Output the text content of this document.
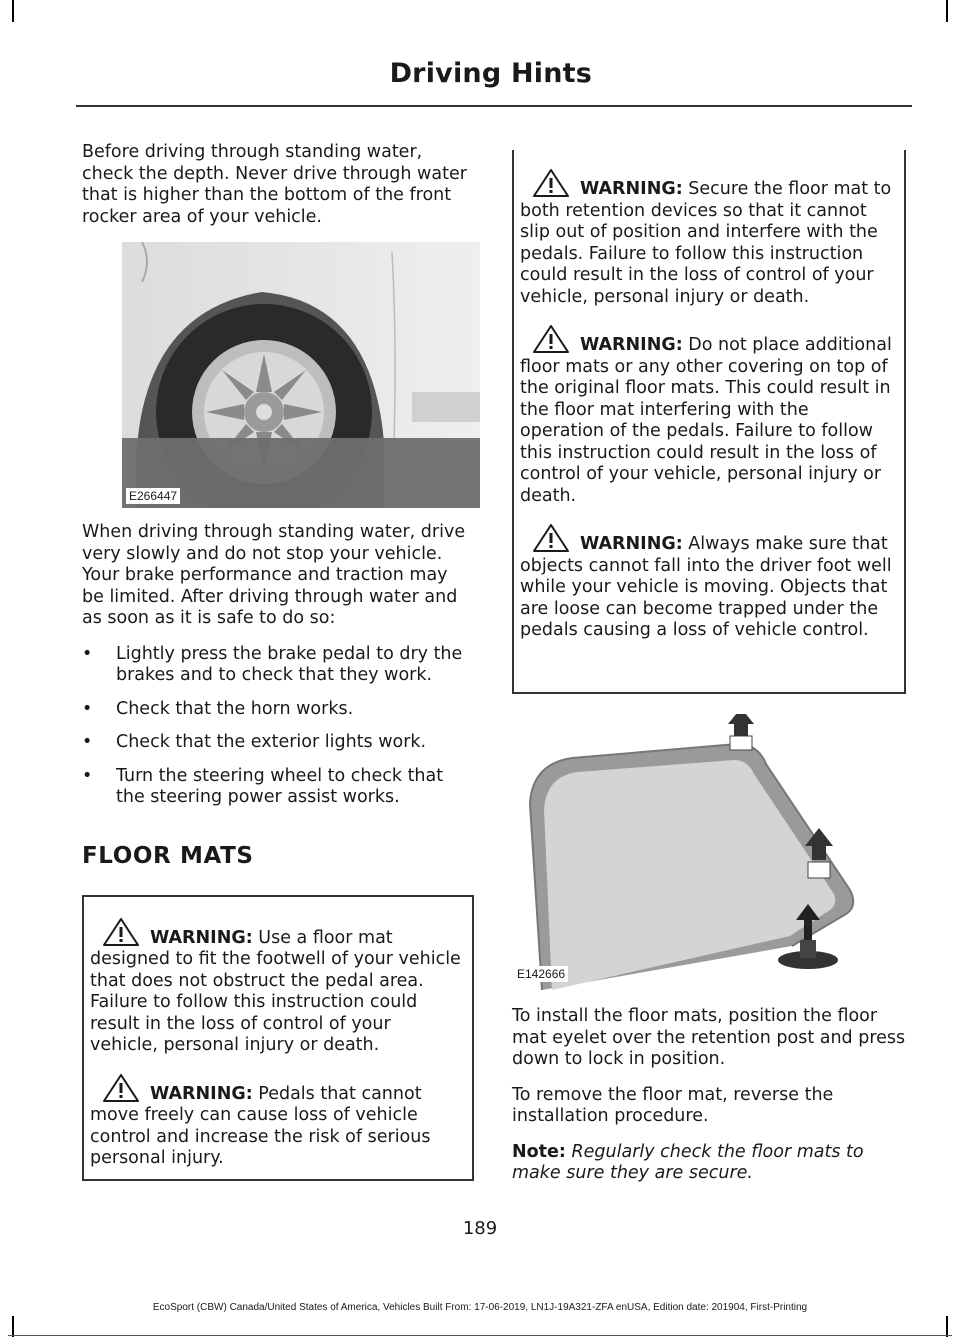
Driving Hints

Before driving through standing water, check the depth. Never drive through water that is higher than the bottom of the front rocker area of your vehicle.

E266447

When driving through standing water, drive very slowly and do not stop your vehicle. Your brake performance and traction may be limited. After driving through water and as soon as it is safe to do so:

• Lightly press the brake pedal to dry the brakes and to check that they work.
• Check that the horn works.
• Check that the exterior lights work.
• Turn the steering wheel to check that the steering power assist works.
FLOOR MATS
WARNING: Use a floor mat designed to fit the footwell of your vehicle that does not obstruct the pedal area. Failure to follow this instruction could result in the loss of control of your vehicle, personal injury or death.
WARNING: Pedals that cannot move freely can cause loss of vehicle control and increase the risk of serious personal injury.
WARNING: Secure the floor mat to both retention devices so that it cannot slip out of position and interfere with the pedals. Failure to follow this instruction could result in the loss of control of your vehicle, personal injury or death.
WARNING: Do not place additional floor mats or any other covering on top of the original floor mats. This could result in the floor mat interfering with the operation of the pedals. Failure to follow this instruction could result in the loss of control of your vehicle, personal injury or death.
WARNING: Always make sure that objects cannot fall into the driver foot well while your vehicle is moving. Objects that are loose can become trapped under the pedals causing a loss of vehicle control.
E142666

To install the floor mats, position the floor mat eyelet over the retention post and press down to lock in position.

To remove the floor mat, reverse the installation procedure.

Note: Regularly check the floor mats to make sure they are secure.

189
EcoSport (CBW) Canada/United States of America, Vehicles Built From: 17-06-2019, LN1J-19A321-ZFA enUSA, Edition date: 201904, First-Printing
